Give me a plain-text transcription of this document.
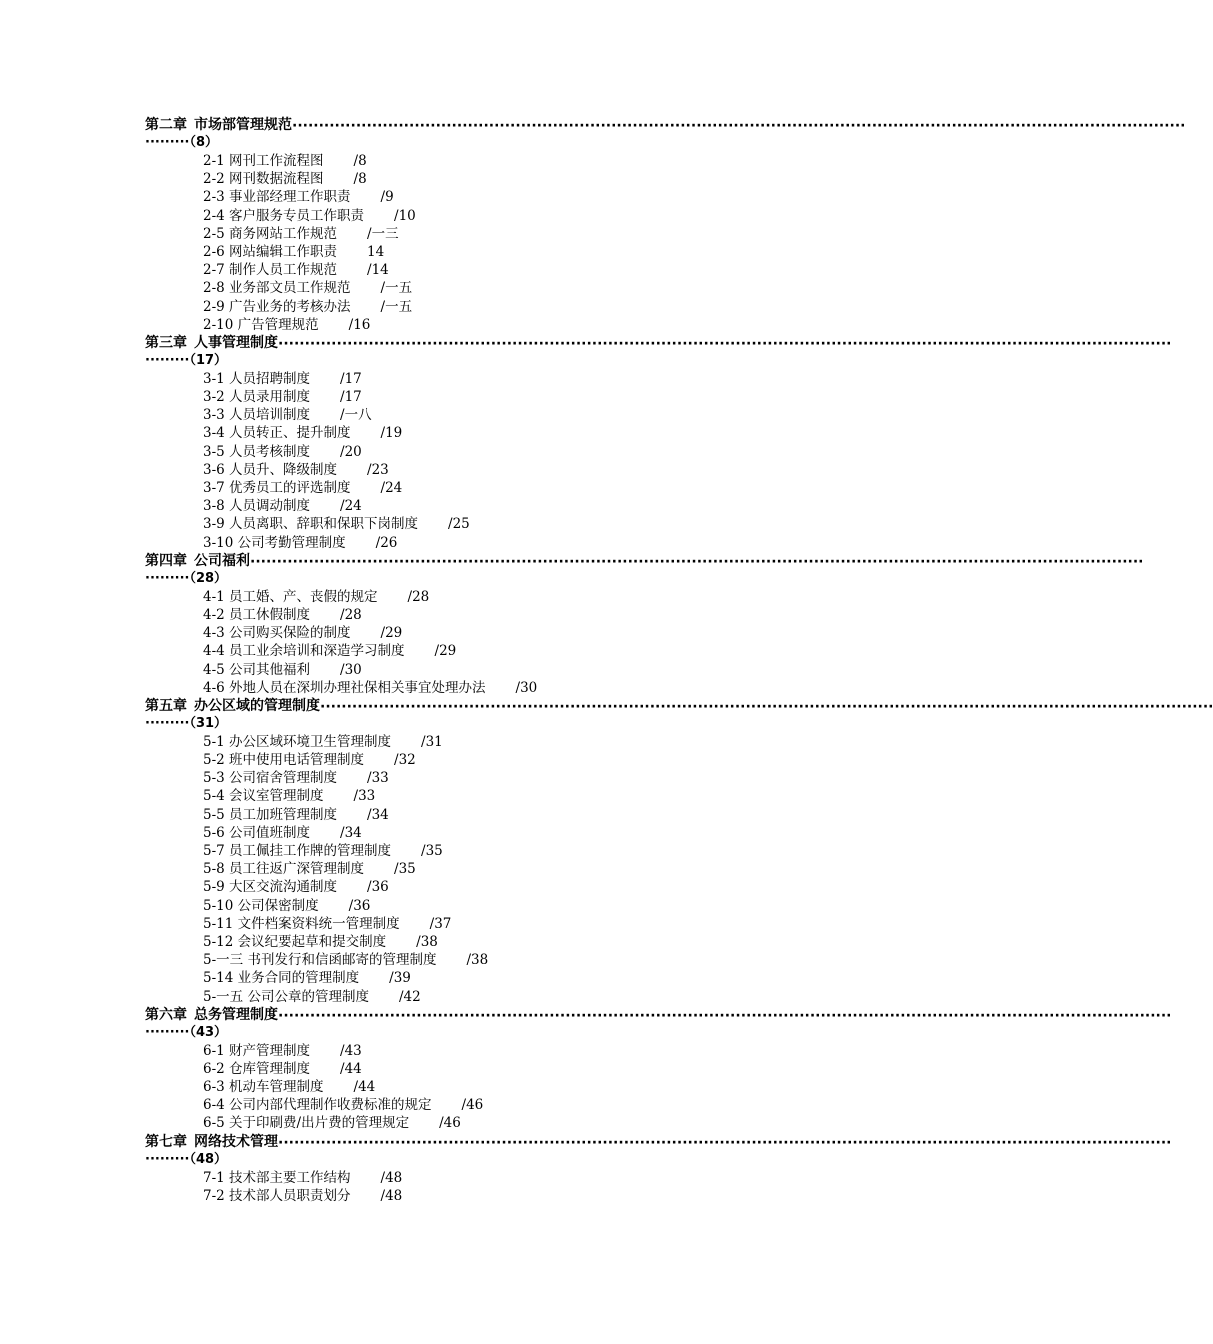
第二章 市场部管理规范 ········································································································································································
·········（8）
2-1 网刊工作流程图 /8
2-2 网刊数据流程图 /8
2-3 事业部经理工作职责 /9
2-4 客户服务专员工作职责 /10
2-5 商务网站工作规范 /一三
2-6 网站编辑工作职责 14
2-7 制作人员工作规范 /14
2-8 业务部文员工作规范 /一五
2-9 广告业务的考核办法 /一五
2-10 广告管理规范 /16
第三章 人事管理制度 ········································································································································································
·········（17）
3-1 人员招聘制度 /17
3-2 人员录用制度 /17
3-3 人员培训制度 /一八
3-4 人员转正、提升制度 /19
3-5 人员考核制度 /20
3-6 人员升、降级制度 /23
3-7 优秀员工的评选制度 /24
3-8 人员调动制度 /24
3-9 人员离职、辞职和保职下岗制度 /25
3-10 公司考勤管理制度 /26
第四章 公司福利 ········································································································································································
·········（28）
4-1 员工婚、产、丧假的规定 /28
4-2 员工休假制度 /28
4-3 公司购买保险的制度 /29
4-4 员工业余培训和深造学习制度 /29
4-5 公司其他福利 /30
4-6 外地人员在深圳办理社保相关事宜处理办法 /30
第五章 办公区域的管理制度 ········································································································································································
·········（31）
5-1 办公区域环境卫生管理制度 /31
5-2 班中使用电话管理制度 /32
5-3 公司宿舍管理制度 /33
5-4 会议室管理制度 /33
5-5 员工加班管理制度 /34
5-6 公司值班制度 /34
5-7 员工佩挂工作牌的管理制度 /35
5-8 员工往返广深管理制度 /35
5-9 大区交流沟通制度 /36
5-10 公司保密制度 /36
5-11 文件档案资料统一管理制度 /37
5-12 会议纪要起草和提交制度 /38
5-一三 书刊发行和信函邮寄的管理制度 /38
5-14 业务合同的管理制度 /39
5-一五 公司公章的管理制度 /42
第六章 总务管理制度 ········································································································································································
·········（43）
6-1 财产管理制度 /43
6-2 仓库管理制度 /44
6-3 机动车管理制度 /44
6-4 公司内部代理制作收费标准的规定 /46
6-5 关于印刷费/出片费的管理规定 /46
第七章 网络技术管理 ········································································································································································
·········（48）
7-1 技术部主要工作结构 /48
7-2 技术部人员职责划分 /48
